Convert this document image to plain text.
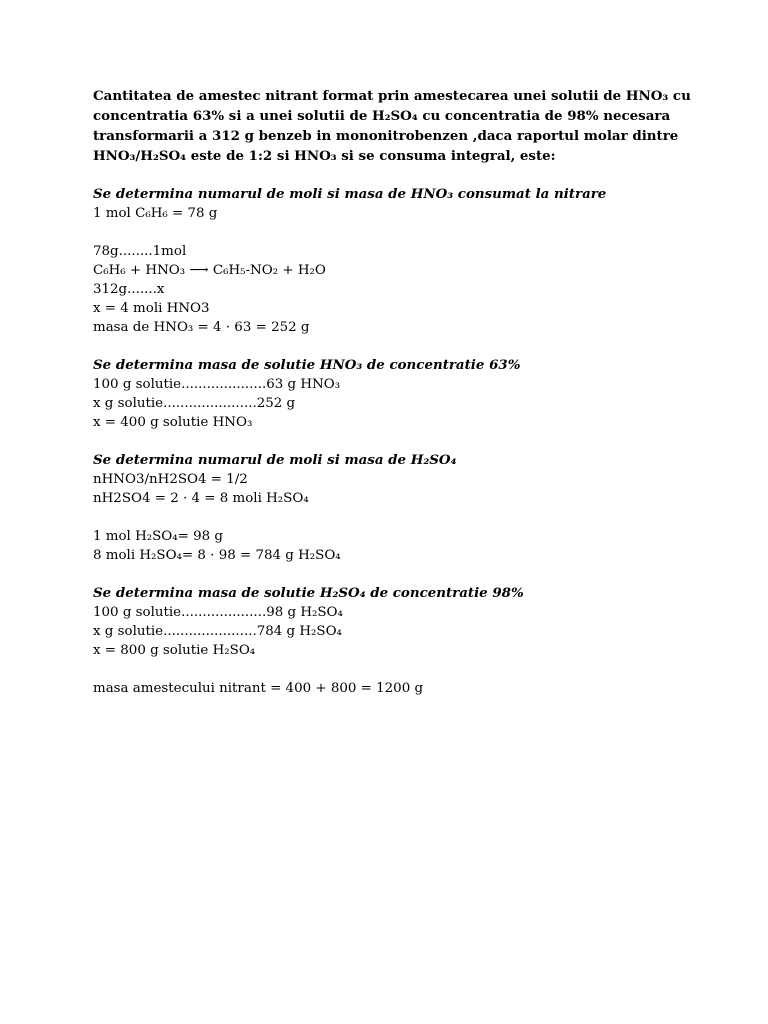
Cantitatea de amestec nitrant format prin amestecarea unei solutii de HNO₃ cu
concentratia 63% si a unei solutii de H₂SO₄ cu concentratia de 98% necesara
transformarii a 312 g benzeb in mononitrobenzen ,daca raportul molar dintre
HNO₃/H₂SO₄ este de 1:2 si HNO₃ si se consuma integral, este:
Se determina numarul de moli si masa de HNO₃ consumat la nitrare
1 mol C₆H₆ = 78 g
78g........1mol
C₆H₆ + HNO₃ ⟶ C₆H₅-NO₂ + H₂O
312g.......x
x = 4 moli HNO3
masa de HNO₃ = 4 · 63 = 252 g
Se determina masa de solutie HNO₃ de concentratie 63%
100 g solutie....................63 g HNO₃
x g solutie......................252 g
x = 400 g solutie HNO₃
Se determina numarul de moli si masa de H₂SO₄
nHNO3/nH2SO4 = 1/2
nH2SO4 = 2 · 4 = 8 moli H₂SO₄
1 mol H₂SO₄= 98 g
8 moli H₂SO₄= 8 · 98 = 784 g H₂SO₄
Se determina masa de solutie H₂SO₄ de concentratie 98%
100 g solutie....................98 g H₂SO₄
x g solutie......................784 g H₂SO₄
x = 800 g solutie H₂SO₄
masa amestecului nitrant = 400 + 800 = 1200 g
